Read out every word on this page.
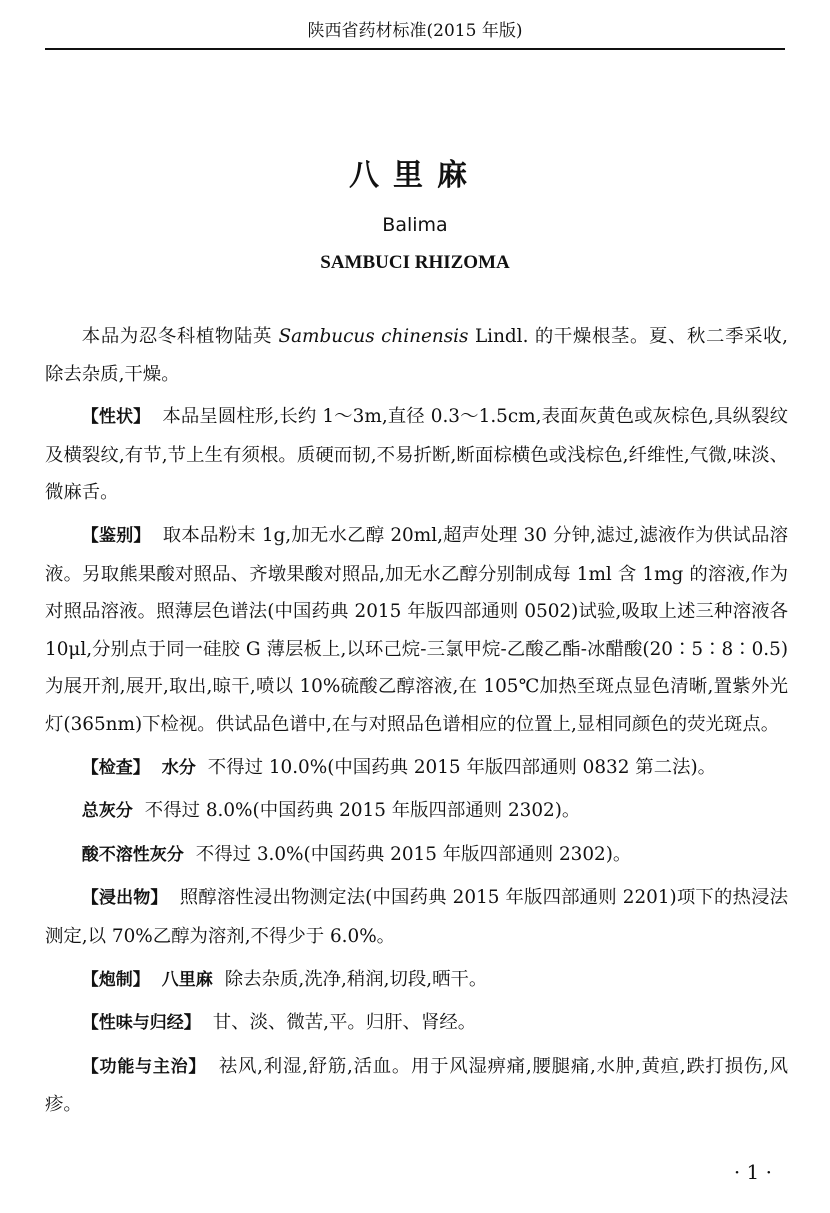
陕西省药材标准(2015 年版)
八里麻
Balima
SAMBUCI RHIZOMA

本品为忍冬科植物陆英 Sambucus chinensis Lindl. 的干燥根茎。夏、秋二季采收,除去杂质,干燥。

【性状】 本品呈圆柱形,长约 1～3m,直径 0.3～1.5cm,表面灰黄色或灰棕色,具纵裂纹及横裂纹,有节,节上生有须根。质硬而韧,不易折断,断面棕横色或浅棕色,纤维性,气微,味淡、微麻舌。

【鉴别】 取本品粉末 1g,加无水乙醇 20ml,超声处理 30 分钟,滤过,滤液作为供试品溶液。另取熊果酸对照品、齐墩果酸对照品,加无水乙醇分别制成每 1ml 含 1mg 的溶液,作为对照品溶液。照薄层色谱法(中国药典 2015 年版四部通则 0502)试验,吸取上述三种溶液各 10μl,分别点于同一硅胶 G 薄层板上,以环己烷-三氯甲烷-乙酸乙酯-冰醋酸(20∶5∶8∶0.5)为展开剂,展开,取出,晾干,喷以 10%硫酸乙醇溶液,在 105℃加热至斑点显色清晰,置紫外光灯(365nm)下检视。供试品色谱中,在与对照品色谱相应的位置上,显相同颜色的荧光斑点。

【检查】 水分 不得过 10.0%(中国药典 2015 年版四部通则 0832 第二法)。

总灰分 不得过 8.0%(中国药典 2015 年版四部通则 2302)。

酸不溶性灰分 不得过 3.0%(中国药典 2015 年版四部通则 2302)。

【浸出物】 照醇溶性浸出物测定法(中国药典 2015 年版四部通则 2201)项下的热浸法测定,以 70%乙醇为溶剂,不得少于 6.0%。

【炮制】 八里麻 除去杂质,洗净,稍润,切段,晒干。

【性味与归经】 甘、淡、微苦,平。归肝、肾经。

【功能与主治】 祛风,利湿,舒筋,活血。用于风湿痹痛,腰腿痛,水肿,黄疸,跌打损伤,风疹。

· 1 ·
